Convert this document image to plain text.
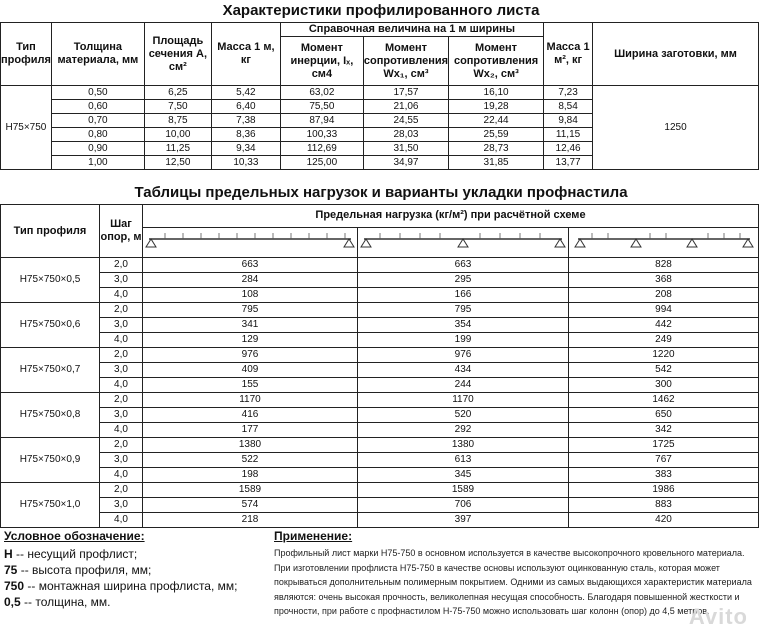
Характеристики профилированного листа
Тип профиля	Толщина материала, мм	Площадь сечения А, см²	Масса 1 м, кг	Справочная величина на 1 м ширины			Масса 1 м², кг	Ширина заготовки, мм
				Момент инерции, Iₓ, см4	Момент сопротивления Wx₁, см³	Момент сопротивления Wx₂, см³		
Н75×750	0,50	6,25	5,42	63,02	17,57	16,10	7,23	1250
	0,60	7,50	6,40	75,50	21,06	19,28	8,54	
	0,70	8,75	7,38	87,94	24,55	22,44	9,84	
	0,80	10,00	8,36	100,33	28,03	25,59	11,15	
	0,90	11,25	9,34	112,69	31,50	28,73	12,46	
	1,00	12,50	10,33	125,00	34,97	31,85	13,77	
Таблицы предельных нагрузок и варианты укладки профнастила
Тип профиля	Шаг опор, м	Предельная нагрузка (кг/м²) при расчётной схеме		

Н75×750×0,5	2,0	663	663	828
	3,0	284	295	368
	4,0	108	166	208
Н75×750×0,6	2,0	795	795	994
	3,0	341	354	442
	4,0	129	199	249
Н75×750×0,7	2,0	976	976	1220
	3,0	409	434	542
	4,0	155	244	300
Н75×750×0,8	2,0	1170	1170	1462
	3,0	416	520	650
	4,0	177	292	342
Н75×750×0,9	2,0	1380	1380	1725
	3,0	522	613	767
	4,0	198	345	383
Н75×750×1,0	2,0	1589	1589	1986
	3,0	574	706	883
	4,0	218	397	420
Условное обозначение:
Н -- несущий профлист;
75 -- высота профиля, мм;
750 -- монтажная ширина профлиста, мм;
0,5 -- толщина, мм.
Применение:
Профильный лист марки Н75-750 в основном используется в качестве высокопрочного кровельного материала. При изготовлении профлиста Н75-750 в качестве основы используют оцинкованную сталь, которая может покрываться дополнительным полимерным покрытием. Одними из самых выдающихся характеристик материала являются: очень высокая прочность, великолепная несущая способность. Благодаря повышенной жесткости и прочности, при работе с профнастилом Н-75-750 можно использовать шаг колонн (опор) до 4,5 метров.
Avito
